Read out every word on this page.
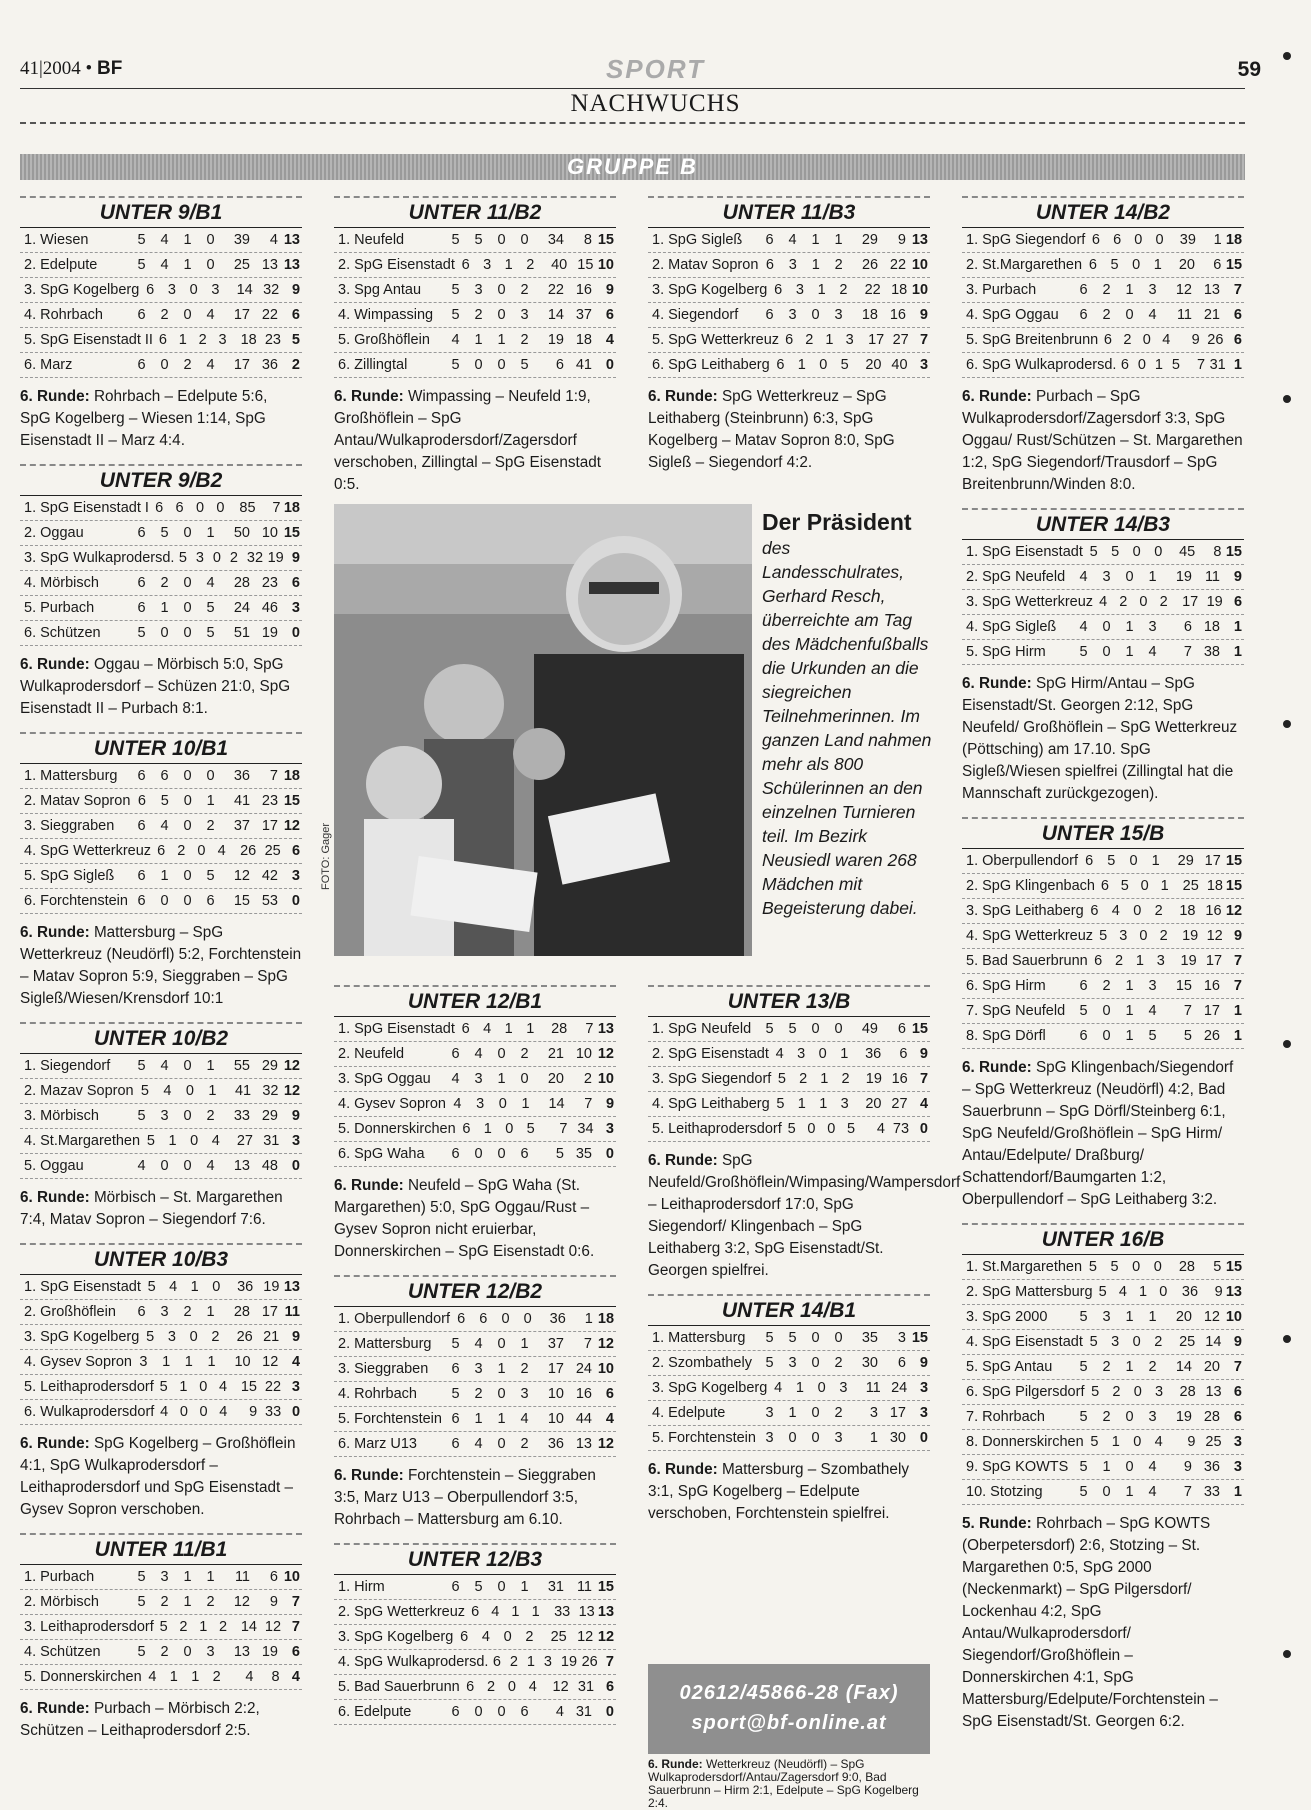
41|2004 • BF	SPORT	59
NACHWUCHS
GRUPPE B
UNTER 9/B1
1. Wiesen	5	4	1	0	39	4 13
2. Edelpute	5	4	1	0	25 13 13
3. SpG Kogelberg 6 3 0 3	14 32 9
4. Rohrbach	6	2	0	4	17 22 6
5. SpG Eisenstadt II 6 1 2 3 18 23 5
6. Marz	6	0	2	4	17 36 2
6. Runde: Rohrbach – Edelpute 5:6, SpG Kogelberg – Wiesen 1:14, SpG Eisenstadt II – Marz 4:4.
UNTER 9/B2
1. SpG Eisenstadt I 6 6 0 0	85	7 18
2. Oggau	6	5	0	1	50 10 15
3. SpG Wulkaprodersd. 5 3 0 2 32 19 9
4. Mörbisch	6	2	0	4	28 23 6
5. Purbach	6	1	0	5	24 46 3
6. Schützen	5	0	0	5	51 19 0
6. Runde: Oggau – Mörbisch 5:0, SpG Wulkaprodersdorf – Schüzen 21:0, SpG Eisenstadt II – Purbach 8:1.
UNTER 10/B1
1. Mattersburg	6	6	0	0	36	7 18
2. Matav Sopron 6	5	0	1	41 23 15
3. Sieggraben	6	4	0	2	37 17 12
4. SpG Wetterkreuz 6 2 0 4 26 25 6
5. SpG Sigleß	6	1	0	5	12 42 3
6. Forchtenstein 6	0	0	6	15 53 0
6. Runde: Mattersburg – SpG Wetterkreuz (Neudörfl) 5:2, Forchtenstein – Matav Sopron 5:9, Sieggraben – SpG Sigleß/Wiesen/Krensdorf 10:1
UNTER 10/B2
1. Siegendorf	5	4	0	1	55 29 12
2. Mazav Sopron 5 4 0 1	41 32 12
3. Mörbisch	5	3	0	2	33 29 9
4. St.Margarethen 5 1 0 4	27 31 3
5. Oggau	4	0	0	4	13 48 0
6. Runde: Mörbisch – St. Margarethen 7:4, Matav Sopron – Siegendorf 7:6.
UNTER 10/B3
1. SpG Eisenstadt 5 4 1 0	36 19 13
2. Großhöflein	6	3	2	1	28 17 11
3. SpG Kogelberg 5 3 0 2	26 21 9
4. Gysev Sopron 3	1	1	1	10 12 4
5. Leithaprodersdorf 5 1 0 4 15 22 3
6. Wulkaprodersdorf 4 0 0 4	9 33 0
6. Runde: SpG Kogelberg – Großhöflein 4:1, SpG Wulkaprodersdorf – Leithaprodersdorf und SpG Eisenstadt – Gysev Sopron verschoben.
UNTER 11/B1
1. Purbach	5	3	1	1	11	6 10
2. Mörbisch	5	2	1	2	12	9 7
3. Leithaprodersdorf 5 2 1 2 14 12 7
4. Schützen	5	2	0	3	13 19 6
5. Donnerskirchen 4 1 1 2	4	8 4
6. Runde: Purbach – Mörbisch 2:2, Schützen – Leithaprodersdorf 2:5.
UNTER 11/B2
1. Neufeld	5	5	0	0	34	8 15
2. SpG Eisenstadt 6 3 1 2	40 15 10
3. Spg Antau	5	3	0	2	22 16 9
4. Wimpassing	5	2	0	3	14 37 6
5. Großhöflein	4	1	1	2	19 18 4
6. Zillingtal	5	0	0	5	6 41 0
6. Runde: Wimpassing – Neufeld 1:9, Großhöflein – SpG Antau/Wulkaprodersdorf/Zagersdorf verschoben, Zillingtal – SpG Eisenstadt 0:5.
UNTER 12/B1
1. SpG Eisenstadt 6 4 1 1	28	7 13
2. Neufeld	6	4	0	2	21 10 12
3. SpG Oggau	4	3	1	0	20	2 10
4. Gysev Sopron 4	3	0	1	14	7 9
5. Donnerskirchen 6 1 0 5	7 34 3
6. SpG Waha	6	0	0	6	5 35 0
6. Runde: Neufeld – SpG Waha (St. Margarethen) 5:0, SpG Oggau/Rust – Gysev Sopron nicht eruierbar, Donnerskirchen – SpG Eisenstadt 0:6.
UNTER 12/B2
1. Oberpullendorf 6 6 0 0	36	1 18
2. Mattersburg	5	4	0	1	37	7 12
3. Sieggraben	6	3	1	2	17 24 10
4. Rohrbach	5	2	0	3	10 16 6
5. Forchtenstein 6	1	1	4	10 44 4
6. Marz U13	6	4	0	2	36 13 12
6. Runde: Forchtenstein – Sieggraben 3:5, Marz U13 – Oberpullendorf 3:5, Rohrbach – Mattersburg am 6.10.
UNTER 12/B3
1. Hirm	6	5	0	1	31 11 15
2. SpG Wetterkreuz 6 4 1 1 33 13 13
3. SpG Kogelberg 6 4 0 2	25 12 12
4. SpG Wulkaprodersd. 6 2 1 3 19 26 7
5. Bad Sauerbrunn 6 2 0 4	12 31 6
6. Edelpute	6	0	0	6	4 31 0
UNTER 11/B3
1. SpG Sigleß	6	4	1	1	29	9 13
2. Matav Sopron 6	3	1	2	26 22 10
3. SpG Kogelberg 6 3 1 2	22 18 10
4. Siegendorf	6	3	0	3	18 16 9
5. SpG Wetterkreuz 6 2 1 3 17 27 7
6. SpG Leithaberg 6 1 0 5	20 40 3
6. Runde: SpG Wetterkreuz – SpG Leithaberg (Steinbrunn) 6:3, SpG Kogelberg – Matav Sopron 8:0, SpG Sigleß – Siegendorf 4:2.
UNTER 13/B
1. SpG Neufeld 5	5	0	0	49	6 15
2. SpG Eisenstadt 4 3 0 1	36	6 9
3. SpG Siegendorf 5 2 1 2	19 16 7
4. SpG Leithaberg 5 1 1 3	20 27 4
5. Leithaprodersdorf 5 0 0 5	4 73 0
6. Runde: SpG Neufeld/Großhöflein/Wimpasing/Wampersdorf – Leithaprodersdorf 17:0, SpG Siegendorf/ Klingenbach – SpG Leithaberg 3:2, SpG Eisenstadt/St. Georgen spielfrei.
UNTER 14/B1
1. Mattersburg	5	5	0	0	35	3 15
2. Szombathely 5	3	0	2	30	6 9
3. SpG Kogelberg 4 1 0 3	11 24 3
4. Edelpute	3	1	0	2	3 17 3
5. Forchtenstein 3	0	0	3	1 30 0
6. Runde: Mattersburg – Szombathely 3:1, SpG Kogelberg – Edelpute verschoben, Forchtenstein spielfrei.
UNTER 14/B2
1. SpG Siegendorf 6 6 0 0	39	1 18
2. St.Margarethen 6 5 0 1	20	6 15
3. Purbach	6	2	1	3	12 13 7
4. SpG Oggau	6	2	0	4	11 21 6
5. SpG Breitenbrunn 6 2 0 4	9 26 6
6. SpG Wulkaprodersd. 6 0 1 5	7 31 1
6. Runde: Purbach – SpG Wulkaprodersdorf/Zagersdorf 3:3, SpG Oggau/ Rust/Schützen – St. Margarethen 1:2, SpG Siegendorf/Trausdorf – SpG Breitenbrunn/Winden 8:0.
UNTER 14/B3
1. SpG Eisenstadt 5 5 0 0	45	8 15
2. SpG Neufeld 4	3	0	1	19 11 9
3. SpG Wetterkreuz 4 2 0 2 17 19 6
4. SpG Sigleß	4	0	1	3	6 18 1
5. SpG Hirm	5	0	1	4	7 38 1
6. Runde: SpG Hirm/Antau – SpG Eisenstadt/St. Georgen 2:12, SpG Neufeld/ Großhöflein – SpG Wetterkreuz (Pöttsching) am 17.10. SpG Sigleß/Wiesen spielfrei (Zillingtal hat die Mannschaft zurückgezogen).
UNTER 15/B
1. Oberpullendorf 6 5 0 1	29 17 15
2. SpG Klingenbach 6 5 0 1 25 18 15
3. SpG Leithaberg 6 4 0 2	18 16 12
4. SpG Wetterkreuz 5 3 0 2 19 12 9
5. Bad Sauerbrunn 6 2 1 3	19 17 7
6. SpG Hirm	6	2	1	3	15 16 7
7. SpG Neufeld 5	0	1	4	7 17 1
8. SpG Dörfl	6	0	1	5	5 26 1
6. Runde: SpG Klingenbach/Siegendorf – SpG Wetterkreuz (Neudörfl) 4:2, Bad Sauerbrunn – SpG Dörfl/Steinberg 6:1, SpG Neufeld/Großhöflein – SpG Hirm/ Antau/Edelpute/ Draßburg/ Schattendorf/Baumgarten 1:2, Oberpullendorf – SpG Leithaberg 3:2.
UNTER 16/B
1. St.Margarethen 5 5 0 0	28	5 15
2. SpG Mattersburg 5 4 1 0	36	9 13
3. SpG 2000	5	3	1	1	20 12 10
4. SpG Eisenstadt 5 3 0 2	25 14 9
5. SpG Antau	5	2	1	2	14 20 7
6. SpG Pilgersdorf 5 2 0 3	28 13 6
7. Rohrbach	5	2	0	3	19 28 6
8. Donnerskirchen 5 1 0 4	9 25 3
9. SpG KOWTS 5	1	0	4	9 36 3
10. Stotzing	5	0	1	4	7 33 1
5. Runde: Rohrbach – SpG KOWTS (Oberpetersdorf) 2:6, Stotzing – St. Margarethen 0:5, SpG 2000 (Neckenmarkt) – SpG Pilgersdorf/ Lockenhau 4:2, SpG Antau/Wulkaprodersdorf/ Siegendorf/Großhöflein – Donnerskirchen 4:1, SpG Mattersburg/Edelpute/Forchtenstein – SpG Eisenstadt/St. Georgen 6:2.
FOTO: Gager
Der Präsident
des Landesschulrates, Gerhard Resch, überreichte am Tag des Mädchenfußballs die Urkunden an die siegreichen Teilnehmerinnen. Im ganzen Land nahmen mehr als 800 Schülerinnen an den einzelnen Turnieren teil. Im Bezirk Neusiedl waren 268 Mädchen mit Begeisterung dabei.
02612/45866-28 (Fax)
sport@bf-online.at
6. Runde: Wetterkreuz (Neudörfl) – SpG Wulkaprodersdorf/Antau/Zagersdorf 9:0, Bad Sauerbrunn – Hirm 2:1, Edelpute – SpG Kogelberg 2:4.
